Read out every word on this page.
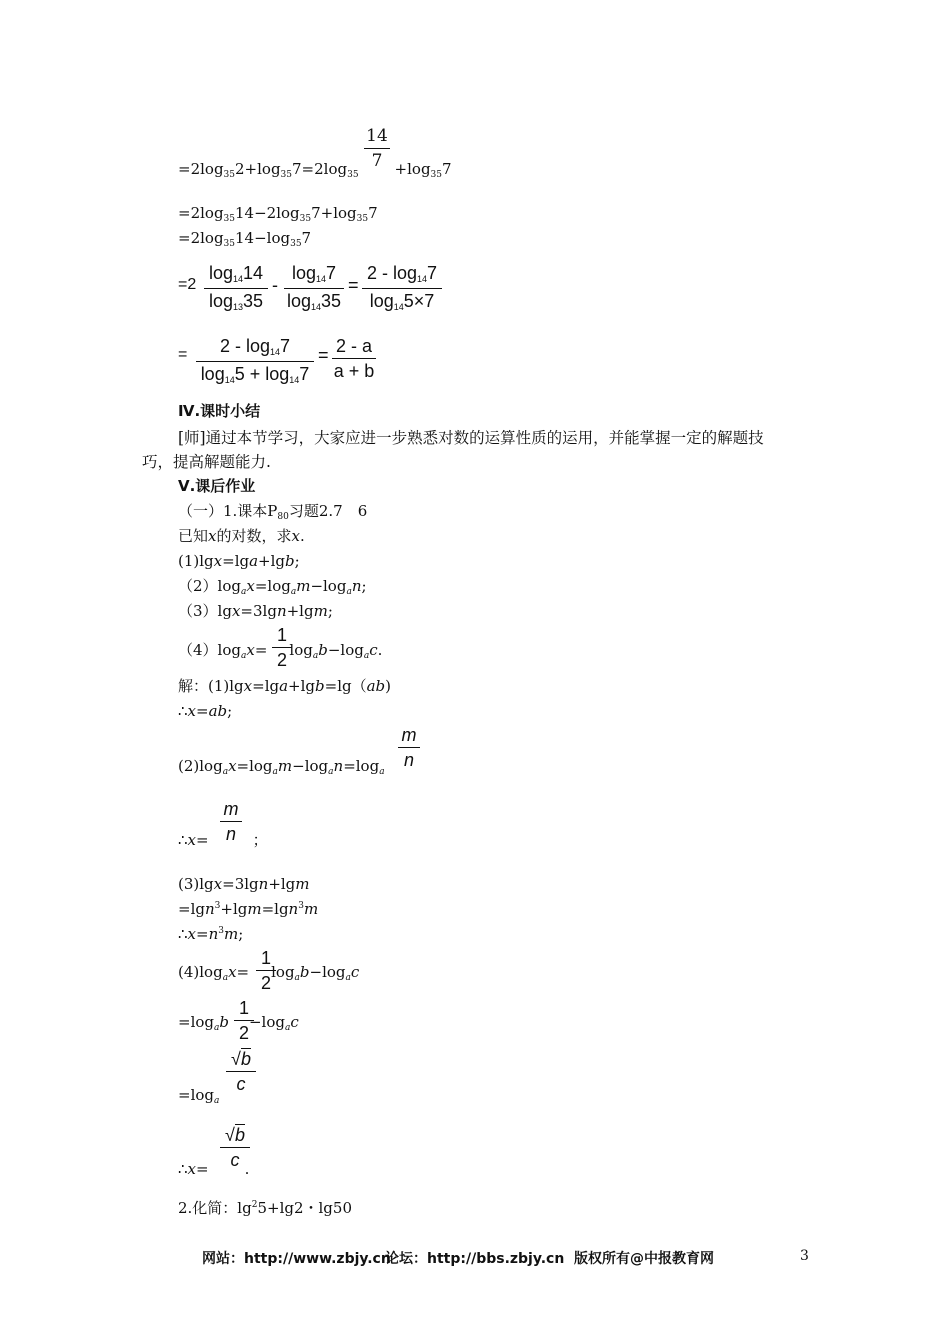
14
7
$=2\log_{35}2+\log_{35}7=2\log_{35} +\log_{35}7$
$=2\log_{35}14-2\log_{35}7+\log_{35}7$
$=2\log_{35}14-\log_{35}7$
=2
log1414
log1335
-
log147
log1435
=
2 - log147
log145×7
=	2 - log147
log145 + log147
= 2 - a
a + b
Ⅳ.课时小结
[师]通过本节学习，大家应进一步熟悉对数的运算性质的运用，并能掌握一定的解题技
巧，提高解题能力.
Ⅴ.课后作业
（一）1.课本$P_{80}$习题2.7　6
已知x的对数，求x.
(1)lgx=lga+lgb;
$(2)\log_ax=\log_am-\log_an$;
（3）lgx=3lgn+lgm;
$(4)\log_ax= \log_ab-\log_ac$.
1
2
解：(1)lgx=lga+lgb=lg（ab)
∴x=ab;
m
n
$(2)\log_ax=\log_am-\log_an=\log_a$
m
n
∴x=	；
(3)lgx=3lgn+lgm
=lgn$^3$+lgm=lgn$^3$m
$\therefore x=n^3m$;
1
2
$(4)\log_ax= \log_ab-\log_ac$
1
2
$=\log_ab -\log_ac$
√b
c
$=\log_a$
√b
c
∴x= .
2.化简：$\lg^25+\lg 2$・lg50
网站：http://www.zbjy.cn
论坛：http://bbs.zbjy.cn 版权所有@中报教育网	3
